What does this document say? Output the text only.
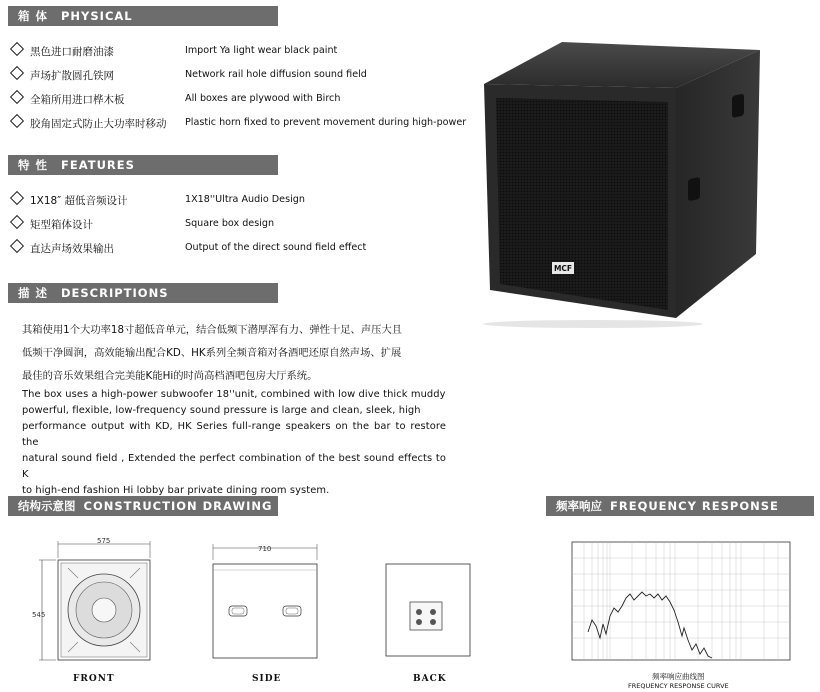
箱体 PHYSICAL
黑色进口耐磨油漆	Import Ya light wear black paint
声场扩散圆孔铁网	Network rail hole diffusion sound field
全箱所用进口桦木板	All boxes are plywood with Birch
胶角固定式防止大功率时移动 Plastic horn fixed to prevent movement during high-power
特性 FEATURES
1X18″ 超低音频设计	1X18''Ultra Audio Design
矩型箱体设计	Square box design
直达声场效果输出	Output of the direct sound field effect
描述 DESCRIPTIONS
其箱使用1个大功率18寸超低音单元，结合低频下潜厚浑有力、弹性十足、声压大且
低频干净圆润，高效能输出配合KD、HK系列全频音箱对各酒吧还原自然声场、扩展
最佳的音乐效果组合完美能K能Hi的时尚高档酒吧包房大厅系统。
The box uses a high-power subwoofer 18''unit, combined with low dive thick muddy
powerful, flexible, low-frequency sound pressure is large and clean, sleek, high
performance output with KD, HK Series full-range speakers on the bar to restore the
natural sound field , Extended the perfect combination of the best sound effects to K
to high-end fashion Hi lobby bar private dining room system.
MCF
结构示意图 CONSTRUCTION DRAWING
575
545
710
FRONT	SIDE	BACK
频率响应 FREQUENCY RESPONSE
频率响应曲线图
FREQUENCY RESPONSE CURVE
